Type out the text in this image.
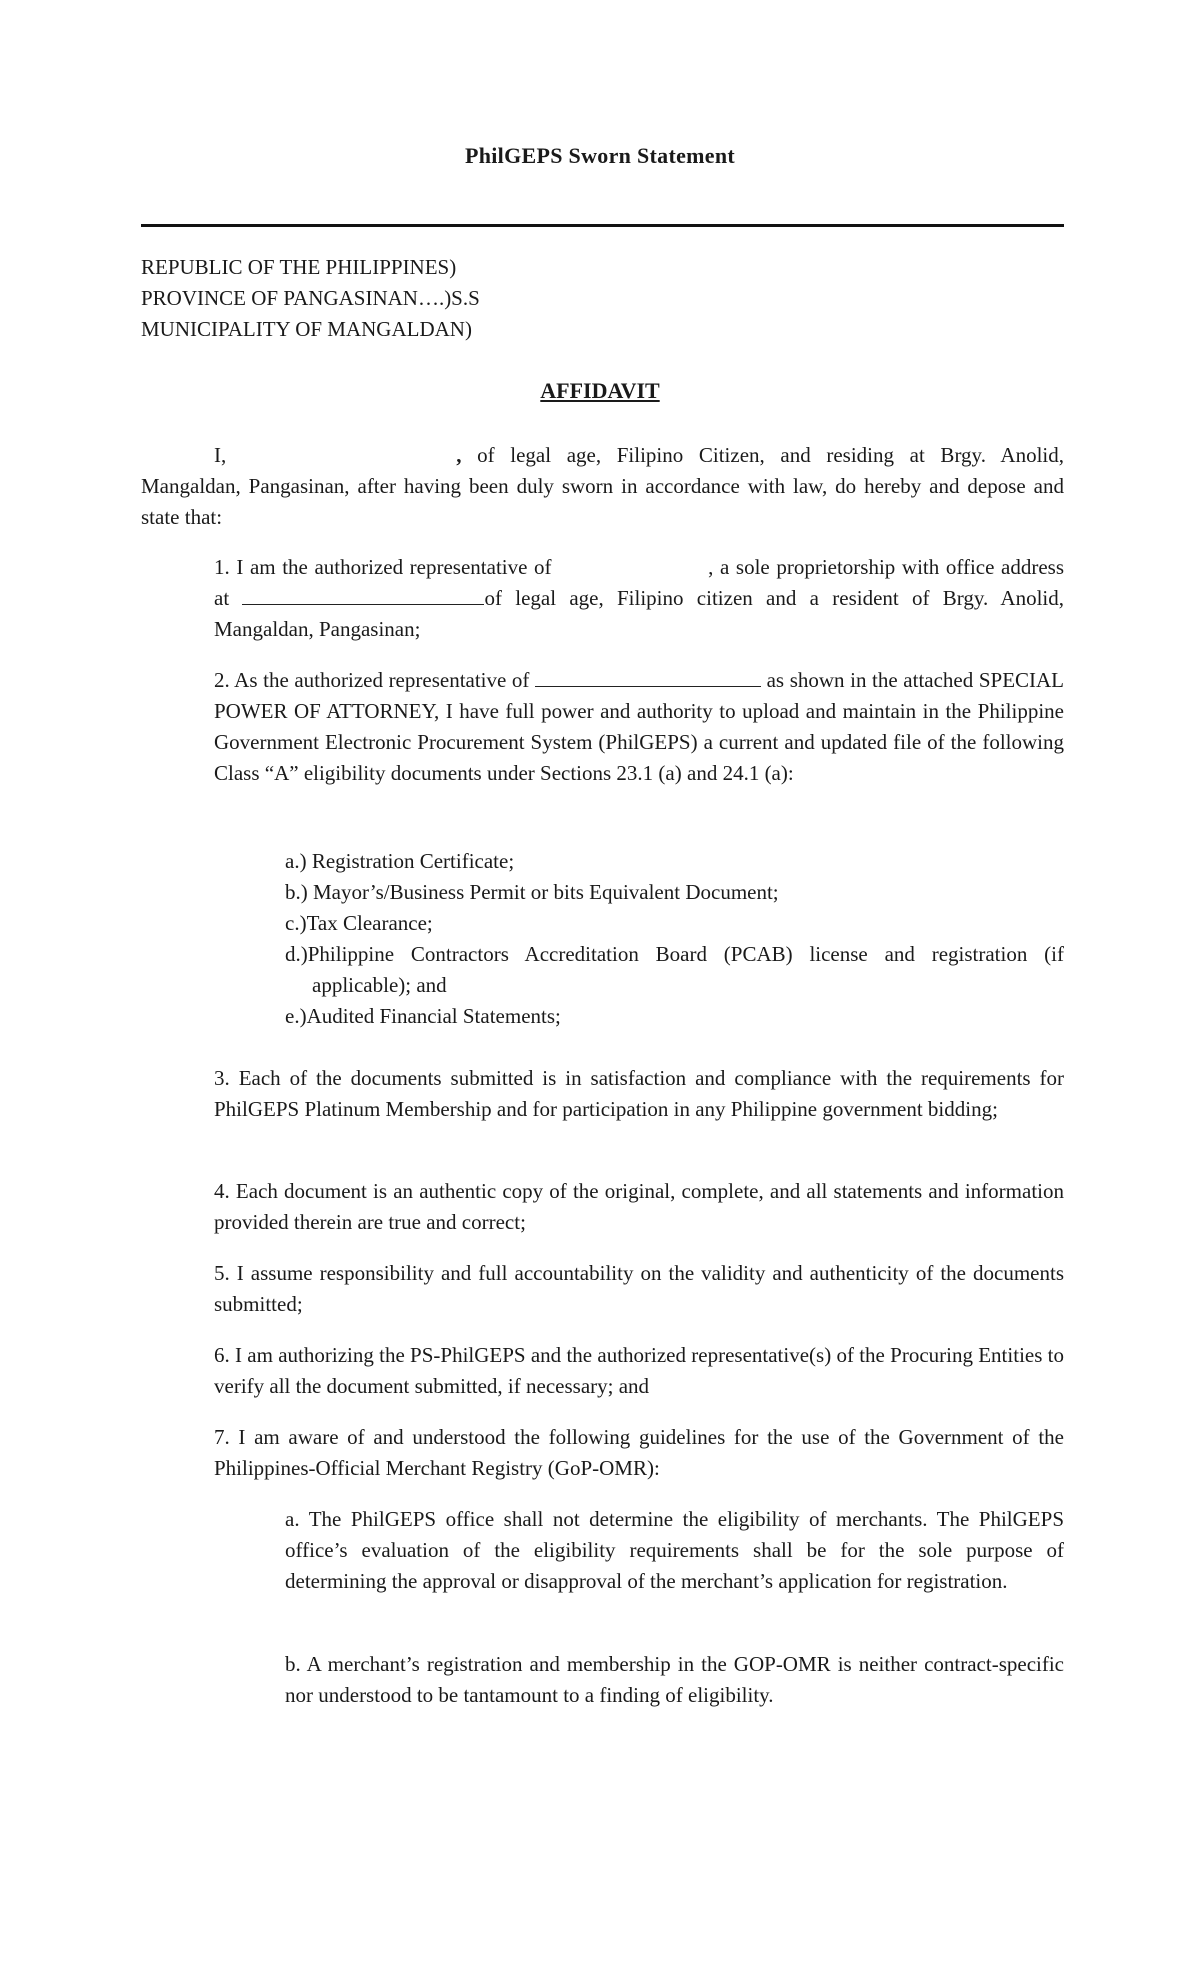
PhilGEPS Sworn Statement
REPUBLIC OF THE PHILIPPINES)
PROVINCE OF PANGASINAN….)S.S
MUNICIPALITY OF MANGALDAN)
AFFIDAVIT

I,	, of legal age, Filipino Citizen, and residing at Brgy. Anolid, Mangaldan, Pangasinan, after having been duly sworn in accordance with law, do hereby and depose and state that:

1. I am the authorized representative of	, a sole proprietorship with office address at	of legal age, Filipino citizen and a resident of Brgy. Anolid, Mangaldan, Pangasinan;

2. As the authorized representative of	as shown in the attached SPECIAL POWER OF ATTORNEY, I have full power and authority to upload and maintain in the Philippine Government Electronic Procurement System (PhilGEPS) a current and updated file of the following Class “A” eligibility documents under Sections 23.1 (a) and 24.1 (a):

a.) Registration Certificate;
b.) Mayor’s/Business Permit or bits Equivalent Document;
c.)Tax Clearance;
d.)Philippine Contractors Accreditation Board (PCAB) license and registration (if applicable); and
e.)Audited Financial Statements;

3. Each of the documents submitted is in satisfaction and compliance with the requirements for PhilGEPS Platinum Membership and for participation in any Philippine government bidding;

4. Each document is an authentic copy of the original, complete, and all statements and information provided therein are true and correct;

5. I assume responsibility and full accountability on the validity and authenticity of the documents submitted;

6. I am authorizing the PS-PhilGEPS and the authorized representative(s) of the Procuring Entities to verify all the document submitted, if necessary; and

7. I am aware of and understood the following guidelines for the use of the Government of the Philippines-Official Merchant Registry (GoP-OMR):

a. The PhilGEPS office shall not determine the eligibility of merchants. The PhilGEPS office’s evaluation of the eligibility requirements shall be for the sole purpose of determining the approval or disapproval of the merchant’s application for registration.

b. A merchant’s registration and membership in the GOP-OMR is neither contract-specific nor understood to be tantamount to a finding of eligibility.
